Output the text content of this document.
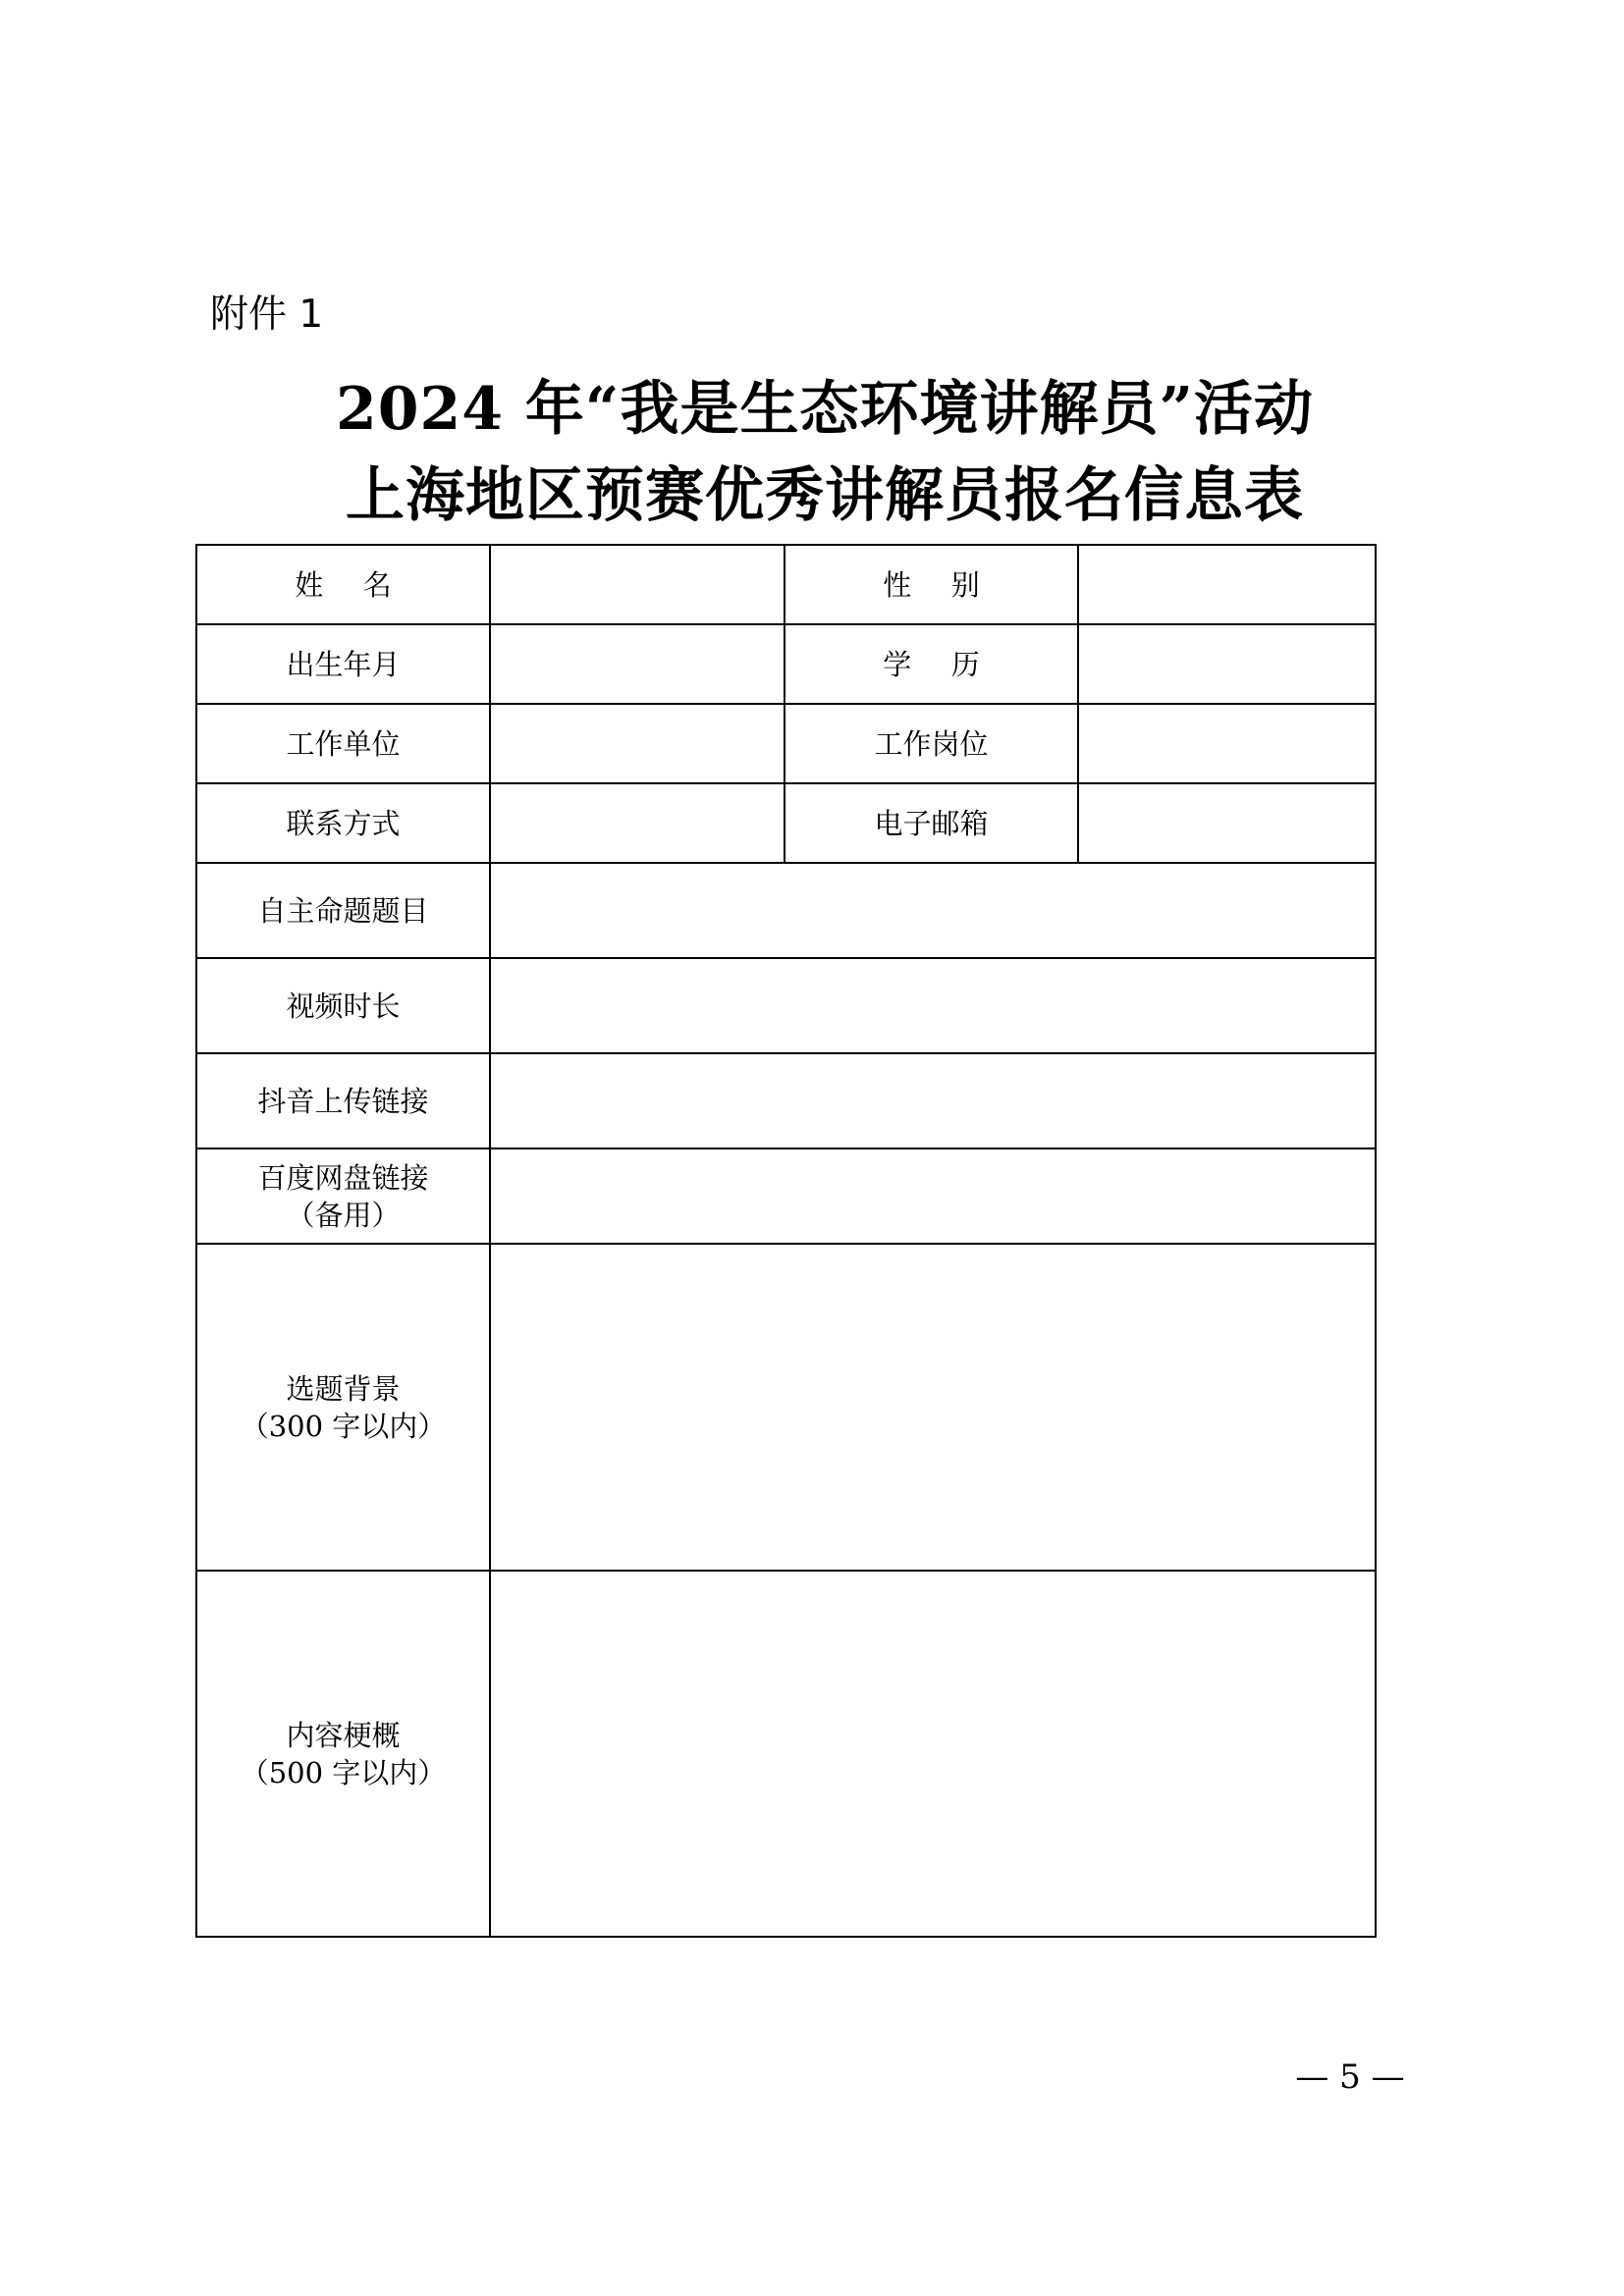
附件 1
2024 年“我是生态环境讲解员”活动
上海地区预赛优秀讲解员报名信息表
姓名		性别	
出生年月		学历	
工作单位		工作岗位	
联系方式		电子邮箱	
自主命题题目			
视频时长			
抖音上传链接			

百度网盘链接
（备用）			

选题背景
（300 字以内）			

内容梗概
（500 字以内）			

— 5 —
